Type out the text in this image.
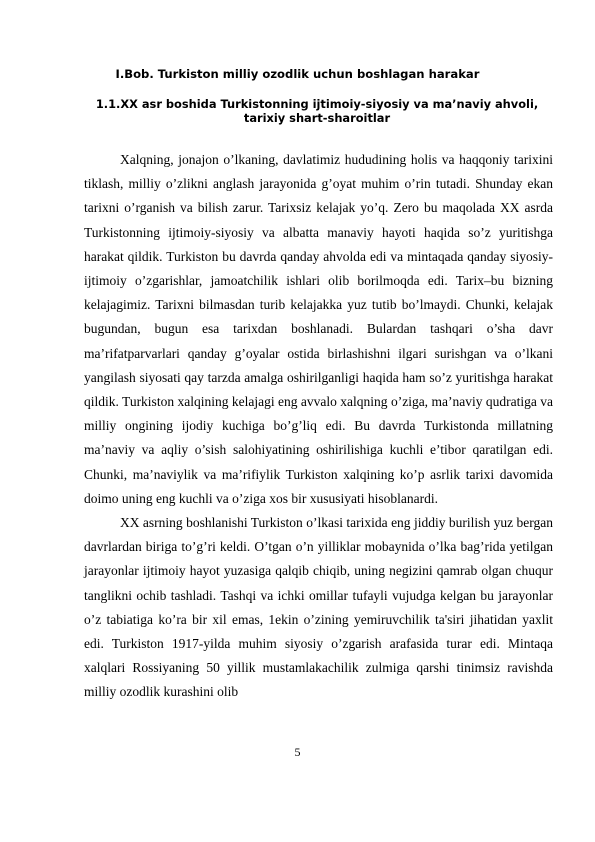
I.Bob. Turkiston milliy ozodlik uchun boshlagan harakar
1.1.XX asr boshida Turkistonning ijtimoiy-siyosiy va ma’naviy ahvoli, tarixiy shart-sharoitlar

Xalqning, jonajon o’lkaning, davlatimiz hududining holis va haqqoniy tarixini tiklash, milliy o’zlikni anglash jarayonida g’oyat muhim o’rin tutadi. Shunday ekan tarixni o’rganish va bilish zarur. Tarixsiz kelajak yo’q. Zero bu maqolada XX asrda Turkistonning ijtimoiy-siyosiy va albatta manaviy hayoti haqida so’z yuritishga harakat qildik. Turkiston bu davrda qanday ahvolda edi va mintaqada qanday siyosiy-ijtimoiy o’zgarishlar, jamoatchilik ishlari olib borilmoqda edi. Tarix–bu bizning kelajagimiz. Tarixni bilmasdan turib kelajakka yuz tutib bo’lmaydi. Chunki, kelajak bugundan, bugun esa tarixdan boshlanadi. Bulardan tashqari o’sha davr ma’rifatparvarlari qanday g’oyalar ostida birlashishni ilgari surishgan va o’lkani yangilash siyosati qay tarzda amalga oshirilganligi haqida ham so’z yuritishga harakat qildik. Turkiston xalqining kelajagi eng avvalo xalqning o’ziga, ma’naviy qudratiga va milliy ongining ijodiy kuchiga bo’g’liq edi. Bu davrda Turkistonda millatning ma’naviy va aqliy o’sish salohiyatining oshirilishiga kuchli e’tibor qaratilgan edi. Chunki, ma’naviylik va ma’rifiylik Turkiston xalqining ko’p asrlik tarixi davomida doimo uning eng kuchli va o’ziga xos bir xususiyati hisoblanardi.

XX asrning boshlanishi Turkiston o’lkasi tarixida eng jiddiy burilish yuz bergan davrlardan biriga to’g’ri keldi. O’tgan o’n yilliklar mobaynida o’lka bag’rida yetilgan jarayonlar ijtimoiy hayot yuzasiga qalqib chiqib, uning negizini qamrab olgan chuqur tanglikni ochib tashladi. Tashqi va ichki omillar tufayli vujudga kelgan bu jarayonlar o’z tabiatiga ko’ra bir xil emas, 1ekin o’zining yemiruvchilik ta'siri jihatidan yaxlit edi. Turkiston 1917-yilda muhim siyosiy o’zgarish arafasida turar edi. Mintaqa xalqlari Rossiyaning 50 yillik mustamlakachilik zulmiga qarshi tinimsiz ravishda milliy ozodlik kurashini olib

5
